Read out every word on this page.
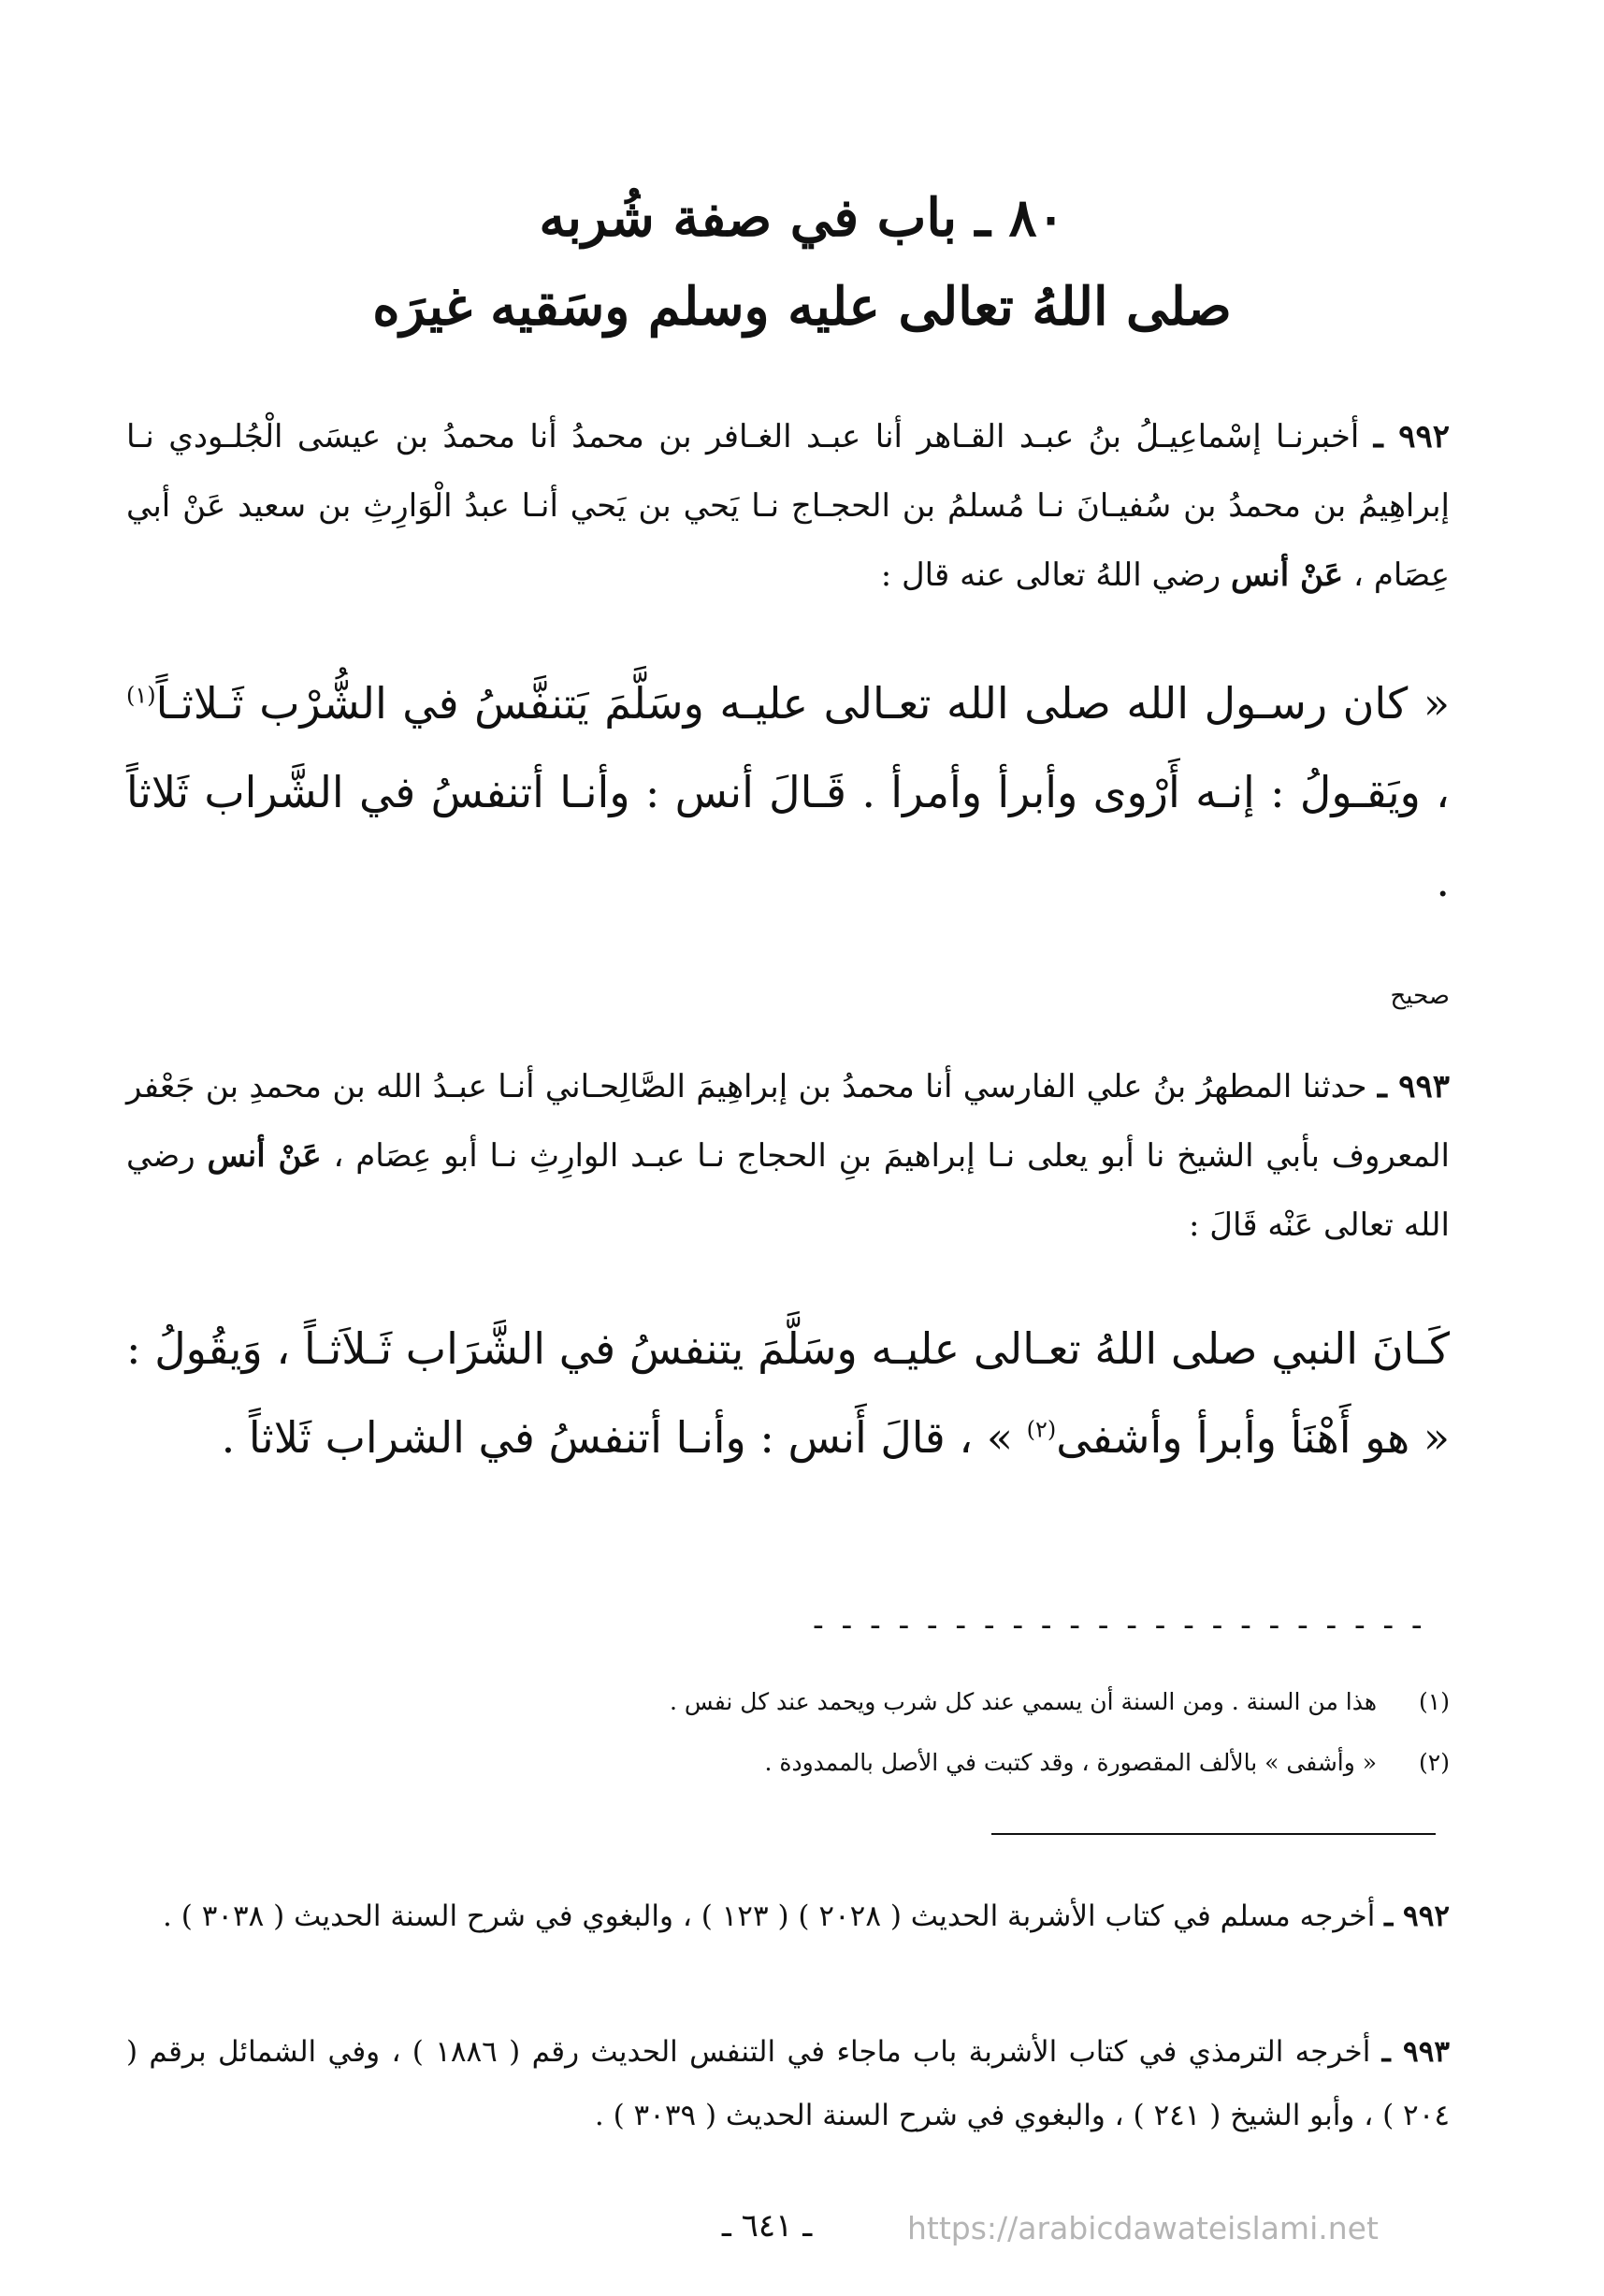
٨٠ ـ باب في صفة شُربه
صلى اللهُ تعالى عليه وسلم وسَقيه غيرَه
٩٩٢ ـ أخبرنـا إسْماعِيـلُ بنُ عبـد القـاهر أنا عبـد الغـافر بن محمدُ أنا محمدُ بن عيسَى الْجُلـودي نـا إبراهِيمُ بن محمدُ بن سُفيـانَ نـا مُسلمُ بن الحجـاج نـا يَحي بن يَحي أنـا عبدُ الْوَارِثِ بن سعيد عَنْ أبي عِصَام ، عَنْ أنس رضي اللهُ تعالى عنه قال :
« كان رسـول الله صلى الله تعـالى عليـه وسَلَّمَ يَتنفَّسُ في الشُّرْب ثَـلاثـاً$^{(١)}$ ، ويَقـولُ : إنـه أَرْوى وأبرأ وأمرأ . قَـالَ أنس : وأنـا أتنفسُ في الشَّراب ثَلاثاً .
صحيح
٩٩٣ ـ حدثنا المطهرُ بنُ علي الفارسي أنا محمدُ بن إبراهِيمَ الصَّالِحـاني أنـا عبـدُ الله بن محمدِ بن جَعْفر المعروف بأبي الشيخ نا أبو يعلى نـا إبراهيمَ بنِ الحجاج نـا عبـد الوارِثِ نـا أبو عِصَام ، عَنْ أنس رضي الله تعالى عَنْه قَالَ :
كَـانَ النبي صلى اللهُ تعـالى عليـه وسَلَّمَ يتنفسُ في الشَّرَاب ثَـلاَثـاً ، وَيقُولُ : « هو أَهْنَأ وأبرأ وأشفى$^{(٢)}$ » ، قالَ أَنس : وأنـا أتنفسُ في الشراب ثَلاثاً .
----------------------
(١) هذا من السنة . ومن السنة أن يسمي عند كل شرب ويحمد عند كل نفس .
(٢) « وأشفى » بالألف المقصورة ، وقد كتبت في الأصل بالممدودة .
٩٩٢ ـ أخرجه مسلم في كتاب الأشربة الحديث ( ٢٠٢٨ ) ( ١٢٣ ) ، والبغوي في شرح السنة الحديث ( ٣٠٣٨ ) .
٩٩٣ ـ أخرجه الترمذي في كتاب الأشربة باب ماجاء في التنفس الحديث رقم ( ١٨٨٦ ) ، وفي الشمائل برقم ( ٢٠٤ ) ، وأبو الشيخ ( ٢٤١ ) ، والبغوي في شرح السنة الحديث ( ٣٠٣٩ ) .
ـ ٦٤١ ـ	https://arabicdawateislami.net
